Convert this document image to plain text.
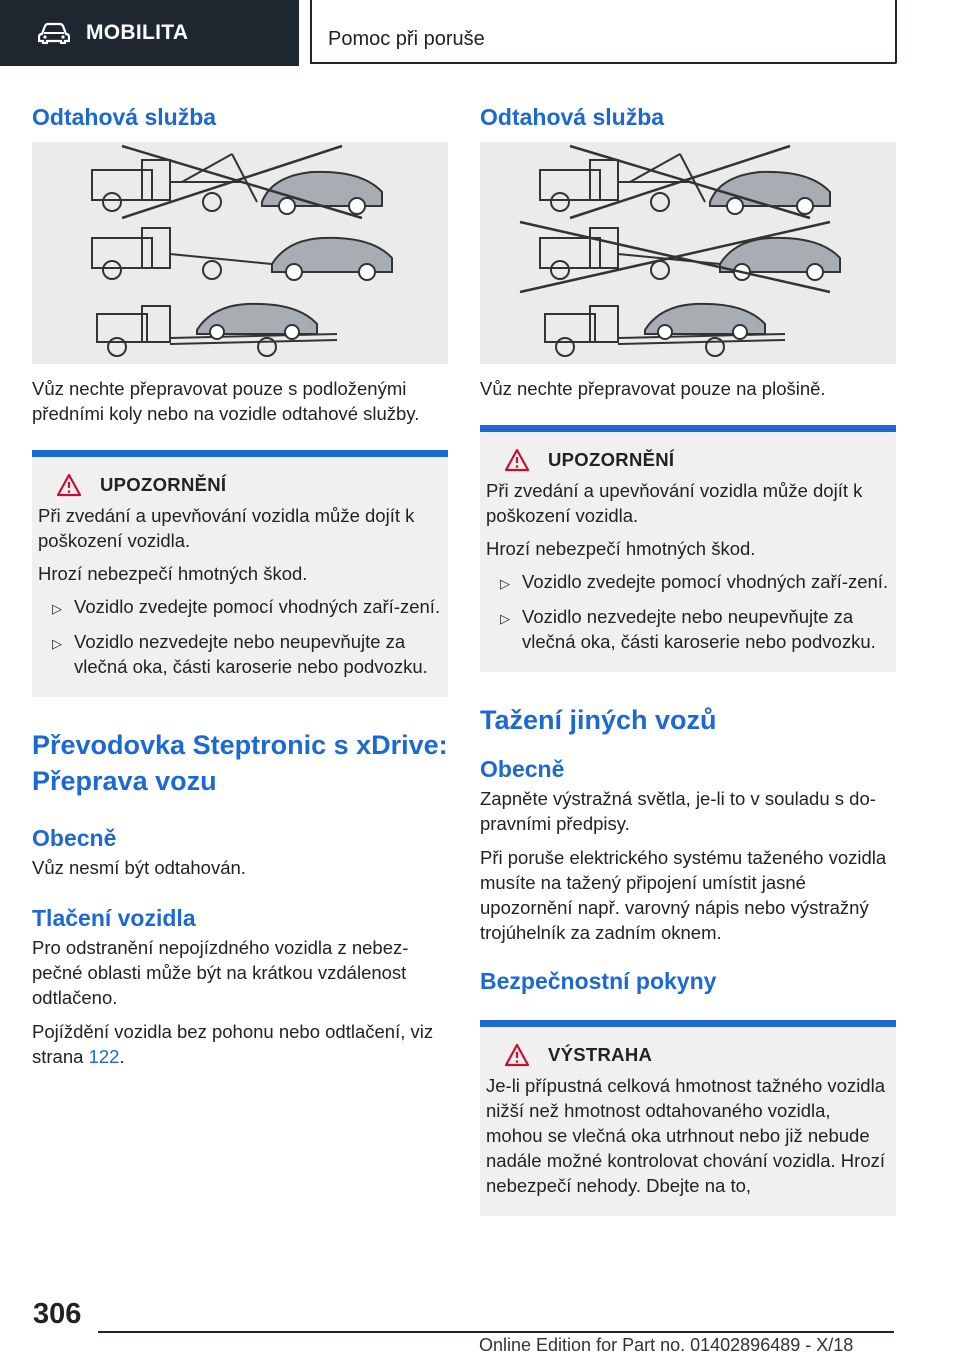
MOBILITA	Pomoc při poruše
Odtahová služba

Vůz nechte přepravovat pouze s podloženými předními koly nebo na vozidle odtahové služby.

UPOZORNĚNÍ

Při zvedání a upevňování vozidla může dojít k poškození vozidla.

Hrozí nebezpečí hmotných škod.

▷ Vozidlo zvedejte pomocí vhodných zaří-zení.
▷ Vozidlo nezvedejte nebo neupevňujte za vlečná oka, části karoserie nebo podvozku.
Převodovka Steptronic s xDrive: Přeprava vozu
Obecně

Vůz nesmí být odtahován.

Tlačení vozidla

Pro odstranění nepojízdného vozidla z nebez-pečné oblasti může být na krátkou vzdálenost odtlačeno.

Pojíždění vozidla bez pohonu nebo odtlačení, viz strana 122.

Odtahová služba

Vůz nechte přepravovat pouze na plošině.

UPOZORNĚNÍ

Při zvedání a upevňování vozidla může dojít k poškození vozidla.

Hrozí nebezpečí hmotných škod.

▷ Vozidlo zvedejte pomocí vhodných zaří-zení.
▷ Vozidlo nezvedejte nebo neupevňujte za vlečná oka, části karoserie nebo podvozku.
Tažení jiných vozů
Obecně

Zapněte výstražná světla, je-li to v souladu s do-pravními předpisy.

Při poruše elektrického systému taženého vozidla musíte na tažený připojení umístit jasné upozornění např. varovný nápis nebo výstražný trojúhelník za zadním oknem.

Bezpečnostní pokyny
VÝSTRAHA

Je-li přípustná celková hmotnost tažného vozidla nižší než hmotnost odtahovaného vozidla, mohou se vlečná oka utrhnout nebo již nebude nadále možné kontrolovat chování vozidla. Hrozí nebezpečí nehody. Dbejte na to,

306
Online Edition for Part no. 01402896489 - X/18
